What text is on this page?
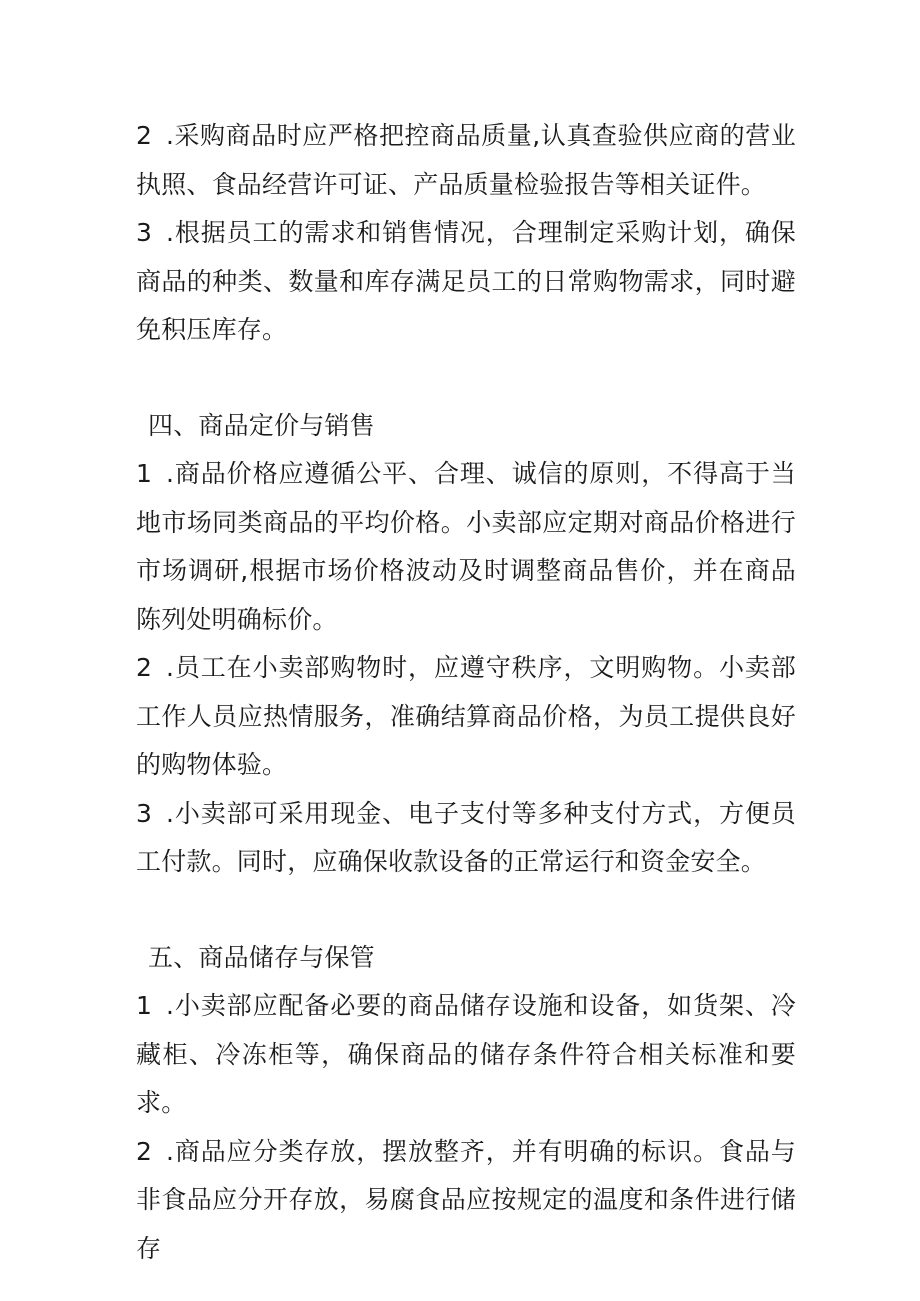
2 .采购商品时应严格把控商品质量,认真查验供应商的营业执照、食品经营许可证、产品质量检验报告等相关证件。

3 .根据员工的需求和销售情况，合理制定采购计划，确保商品的种类、数量和库存满足员工的日常购物需求，同时避免积压库存。

四、商品定价与销售

1 .商品价格应遵循公平、合理、诚信的原则，不得高于当地市场同类商品的平均价格。小卖部应定期对商品价格进行市场调研,根据市场价格波动及时调整商品售价，并在商品陈列处明确标价。

2 .员工在小卖部购物时，应遵守秩序，文明购物。小卖部工作人员应热情服务，准确结算商品价格，为员工提供良好的购物体验。

3 .小卖部可采用现金、电子支付等多种支付方式，方便员工付款。同时，应确保收款设备的正常运行和资金安全。

五、商品储存与保管

1 .小卖部应配备必要的商品储存设施和设备，如货架、冷藏柜、冷冻柜等，确保商品的储存条件符合相关标准和要求。

2 .商品应分类存放，摆放整齐，并有明确的标识。食品与非食品应分开存放，易腐食品应按规定的温度和条件进行储存
